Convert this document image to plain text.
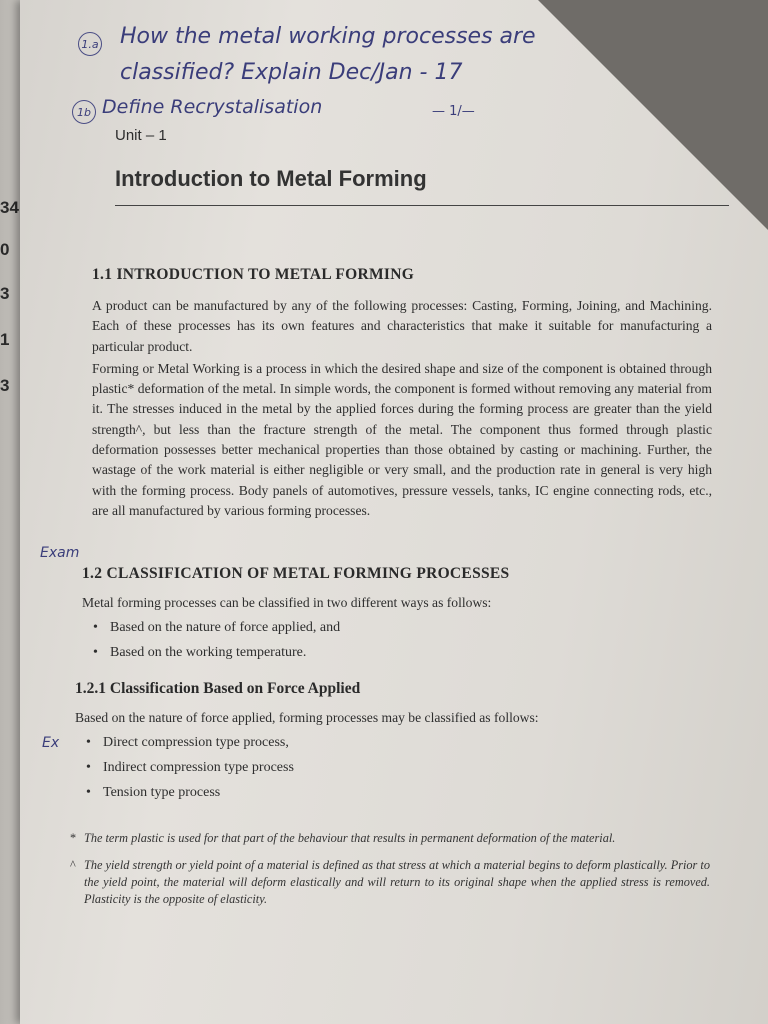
34
0
3
1
3
1.a How the metal working processes are
classified? Explain Dec/Jan - 17
1b Define Recrystalisation	— 1/—
Exam
Ex
Unit – 1
Introduction to Metal Forming
1.1 INTRODUCTION TO METAL FORMING

A product can be manufactured by any of the following processes: Casting, Forming, Joining, and Machining. Each of these processes has its own features and characteristics that make it suitable for manufacturing a particular product.

Forming or Metal Working is a process in which the desired shape and size of the component is obtained through plastic* deformation of the metal. In simple words, the component is formed without removing any material from it. The stresses induced in the metal by the applied forces during the forming process are greater than the yield strength^, but less than the fracture strength of the metal. The component thus formed through plastic deformation possesses better mechanical properties than those obtained by casting or machining. Further, the wastage of the work material is either negligible or very small, and the production rate in general is very high with the forming process. Body panels of automotives, pressure vessels, tanks, IC engine connecting rods, etc., are all manufactured by various forming processes.

1.2 CLASSIFICATION OF METAL FORMING PROCESSES

Metal forming processes can be classified in two different ways as follows:

• Based on the nature of force applied, and
• Based on the working temperature.
1.2.1 Classification Based on Force Applied

Based on the nature of force applied, forming processes may be classified as follows:

• Direct compression type process,
• Indirect compression type process
• Tension type process

* The term plastic is used for that part of the behaviour that results in permanent deformation of the material.

^ The yield strength or yield point of a material is defined as that stress at which a material begins to deform plastically. Prior to the yield point, the material will deform elastically and will return to its original shape when the applied stress is removed. Plasticity is the opposite of elasticity.
